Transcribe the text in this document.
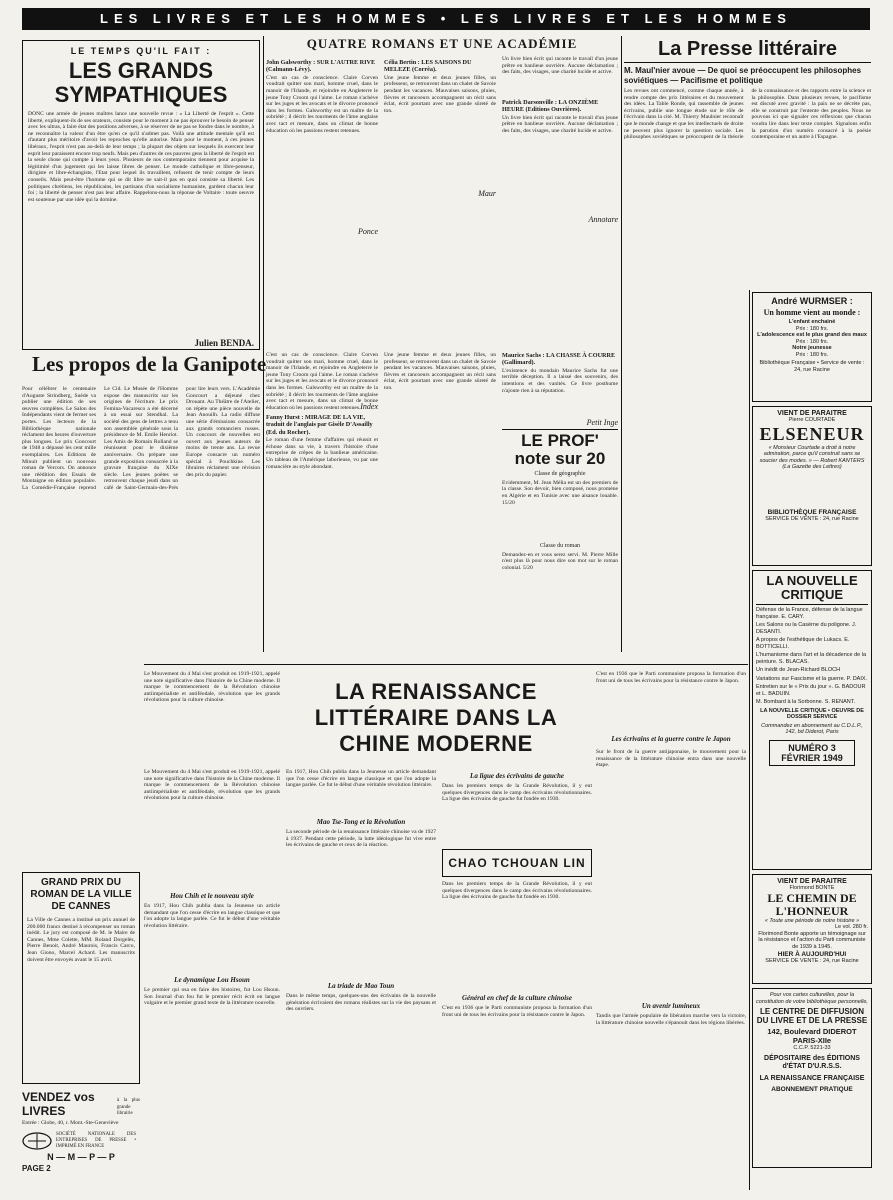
LES LIVRES ET LES HOMMES • LES LIVRES ET LES HOMMES
LE TEMPS QU'IL FAIT :
LES GRANDS SYMPATHIQUES
DONC une armée de jeunes maîtres lance une nouvelle revue : « La Liberté de l'esprit ». Cette liberté, expliquent-ils de ses orateurs, consiste pour le moment à ne pas éprouver le besoin de penser avec les ultras, à faire état des positions adverses, à se réserver de ne pas se fondre dans le nombre, à ne reconnaître la valeur d'un être qu'en ce qu'il n'admet pas. Voilà une attitude mentale qu'il est d'autant plus méritoire d'avoir les reproches qu'elle autorise. Mais pour le moment, à ces jeunes libéraux, l'esprit n'est pas au-delà de leur temps ; la plupart des objets sur lesquels ils exercent leur esprit leur paraissent encore trop neufs. Mais peu d'autres de ces pauvres gens la liberté de l'esprit est la seule chose qui compte à leurs yeux. Plusieurs de nos contemporains tiennent pour acquise la légitimité d'un jugement qui les laisse libres de penser. Le monde catholique et libre-penseur, dirigiste et libre-échangiste, l'Etat pour lequel ils travaillent, refusent de tenir compte de leurs conseils. Mais peut-être l'homme qui se dit libre ne sait-il pas en quoi consiste sa liberté. Les politiques chrétiens, les républicains, les partisans d'un socialisme humaniste, gardent chacun leur foi ; la liberté de penser n'est pas leur affaire. Rappelons-nous la réponse de Voltaire : toute oeuvre est soutenue par une idée qui la domine.
Julien BENDA.
QUATRE ROMANS ET UNE ACADÉMIE
John Galsworthy : SUR L'AUTRE RIVE (Calmann-Lévy).
C'est un cas de conscience. Claire Corven voudrait quitter son mari, homme cruel, dans le manoir de l'Irlande, et rejoindre en Angleterre le jeune Tony Croom qui l'aime. Le roman s'achève sur les juges et les avocats et le divorce prononcé dans les formes. Galsworthy est un maître de la sobriété ; il décrit les tourments de l'âme anglaise avec tact et mesure, dans un climat de bonne éducation où les passions restent retenues.
Ponce
Célia Bertin : LES SAISONS DU MELEZE (Corrêa).
Une jeune femme et deux jeunes filles, un professeur, se retrouvent dans un chalet de Savoie pendant les vacances. Mauvaises saisons, pluies, fièvres et rancoeurs accompagnent un récit sans éclat, écrit pourtant avec une grande sûreté de ton.
Maur
Un livre bien écrit qui raconte le travail d'un jeune prêtre en banlieue ouvrière. Aucune déclamation ; des faits, des visages, une charité lucide et active.
Patrick Darsonville : LA ONZIÈME HEURE (Editions Ouvrières).
Un livre bien écrit qui raconte le travail d'un jeune prêtre en banlieue ouvrière. Aucune déclamation ; des faits, des visages, une charité lucide et active.
Annotare
C'est un cas de conscience. Claire Corven voudrait quitter son mari, homme cruel, dans le manoir de l'Irlande, et rejoindre en Angleterre le jeune Tony Croom qui l'aime. Le roman s'achève sur les juges et les avocats et le divorce prononcé dans les formes. Galsworthy est un maître de la sobriété ; il décrit les tourments de l'âme anglaise avec tact et mesure, dans un climat de bonne éducation où les passions restent retenues. Index
Fanny Hurst : MIRAGE DE LA VIE, traduit de l'anglais par Gisèle D'Assailly (Ed. du Rocher).
Le roman d'une femme d'affaires qui réussit et échoue dans sa vie, à travers l'histoire d'une entreprise de crêpes de la banlieue américaine. Un tableau de l'Amérique laborieuse, vu par une romancière au style abondant.
Une jeune femme et deux jeunes filles, un professeur, se retrouvent dans un chalet de Savoie pendant les vacances. Mauvaises saisons, pluies, fièvres et rancoeurs accompagnent un récit sans éclat, écrit pourtant avec une grande sûreté de ton.
Maurice Sachs : LA CHASSE À COURRE (Gallimard).
L'existence du mondain Maurice Sachs fut une terrible déception. Il a laissé des souvenirs, des intentions et des vanités. Ce livre posthume n'ajoute rien à sa réputation.
Petit Inge
LE PROF' note sur 20
Classe de géographie
Evidemment, M. Jean Mélia est un des premiers de la classe. Son devoir, bien composé, nous promène en Algérie et en Tunisie avec une aisance louable. 15/20
Classe du roman
Demandez-en et vous serez servi. M. Pierre Mille n'est plus là pour nous dire son mot sur le roman colonial. 5/20
La Presse littéraire
M. Maul'nier avoue — De quoi se préoccupent les philosophes soviétiques — Pacifisme et politique
Les revues ont commencé, comme chaque année, à rendre compte des prix littéraires et du mouvement des idées. La Table Ronde, qui rassemble de jeunes écrivains, publie une longue étude sur le rôle de l'écrivain dans la cité. M. Thierry Maulnier reconnaît que le monde change et que les intellectuels de droite ne peuvent plus ignorer la question sociale. Les philosophes soviétiques se préoccupent de la théorie de la connaissance et des rapports entre la science et la philosophie. Dans plusieurs revues, le pacifisme est discuté avec gravité : la paix ne se décrète pas, elle se construit par l'entente des peuples. Nous ne pouvons ici que signaler ces réflexions que chacun voudra lire dans leur texte complet. Signalons enfin la parution d'un numéro consacré à la poésie contemporaine et un autre à l'Espagne.
André WURMSER :
Un homme vient au monde :
L'enfant enchainé
Prix : 180 frs.
L'adolescence est le plus grand des maux
Prix : 180 frs.
Notre jeunesse
Prix : 180 frs.
Bibliothèque Française • Service de vente : 24, rue Racine
VIENT DE PARAITRE
Pierre COURTADE
ELSENEUR
« Monsieur Courtade a droit à notre admiration, parce qu'il construit sans se soucier des modes. » — Robert KANTERS (La Gazette des Lettres)
BIBLIOTHÈQUE FRANÇAISE
SERVICE DE VENTE : 24, rue Racine
LA NOUVELLE CRITIQUE
Défense de la France, défense de la langue française. E. CARY.
Les Salons ou la Casérne du poligone. J. DESANTI.
A propos de l'esthétique de Lukacs. E. BOTTICELLI.
L'humanisme dans l'art et la décadence de la peinture. S. BLACAS.
Un inédit de Jean-Richard BLOCH
Variations sur Fascisme et la guerre. P. DAIX.
Entretien sur le « Prix du jour ». G. BADOUR et L. BADUIN.
M. Bombard à la Sorbonne. S. RENANT.
LA NOUVELLE CRITIQUE • OEUVRE DE DOSSIER SERVICE
Commandez en abonnement au C.D.L.P., 142, bd Diderot, Paris
NUMÉRO 3
FÉVRIER 1949
VIENT DE PARAITRE
Florimond BONTE
LE CHEMIN DE L'HONNEUR
« Toute une période de notre histoire »
Le vol. 280 fr.
Florimond Bonte apporte un témoignage sur la résistance et l'action du Parti communiste de 1939 à 1945.
HIER À AUJOURD'HUI
SERVICE DE VENTE : 24, rue Racine
Pour vos cartes culturelles, pour la constitution de votre bibliothèque personnelle,
LE CENTRE DE DIFFUSION DU LIVRE ET DE LA PRESSE
142, Boulevard DIDEROT PARIS-XIIe
C.C.P. 5221-33
DÉPOSITAIRE des ÉDITIONS d'ÉTAT D'U.R.S.S.
LA RENAISSANCE FRANÇAISE
ABONNEMENT PRATIQUE
Les propos de la Ganipote
Pour célébrer le centenaire d'Auguste Strindberg, Suède va publier une édition de ses œuvres complètes. Le Salon des Indépendants vient de fermer ses portes. Les lecteurs de la Bibliothèque nationale réclament des heures d'ouverture plus longues. Le prix Goncourt de 1948 a dépassé les cent mille exemplaires. Les Editions de Minuit publient un nouveau roman de Vercors. On annonce une réédition des Essais de Montaigne en édition populaire. La Comédie-Française reprend Le Cid. Le Musée de l'Homme expose des manuscrits sur les origines de l'écriture. Le prix Femina-Vacaresco a été décerné à un essai sur Stendhal. La société des gens de lettres a tenu son assemblée générale sous la présidence de M. Emile Henriot. Les Amis de Romain Rolland se réunissent pour le dixième anniversaire. On prépare une grande exposition consacrée à la gravure française du XIXe siècle. Les jeunes poètes se retrouvent chaque jeudi dans un café de Saint-Germain-des-Prés pour lire leurs vers. L'Académie Goncourt a déjeuné chez Drouant. Au Théâtre de l'Atelier, on répète une pièce nouvelle de Jean Anouilh. La radio diffuse une série d'émissions consacrée aux grands romanciers russes. Un concours de nouvelles est ouvert aux jeunes auteurs de moins de trente ans. La revue Europe consacre un numéro spécial à Pouchkine. Les libraires réclament une révision des prix du papier.
GRAND PRIX DU ROMAN DE LA VILLE DE CANNES
La Ville de Cannes a institué un prix annuel de 200.000 francs destiné à récompenser un roman inédit. Le jury est composé de M. le Maire de Cannes, Mme Colette, MM. Roland Dorgelès, Pierre Benoit, André Maurois, Francis Carco, Jean Giono, Marcel Achard. Les manuscrits doivent être envoyés avant le 15 avril.
VENDEZ vos LIVRES
à la plus grande librairie
Entrée : Globe, 40, r. Mont.-Ste-Geneviève
SOCIÉTÉ NATIONALE DES ENTREPRISES DE PRESSE • IMPRIMÉ EN FRANCE
N — M — P — P
PAGE 2
Le Mouvement du 4 Mai s'est produit en 1919-1921, appelé une note significative dans l'histoire de la Chine moderne. Il marque le commencement de la Révolution chinoise antiimpérialiste et antiféodale, révolution que les grands révolutions pour la culture chinoise.	LA RENAISSANCE LITTÉRAIRE DANS LA CHINE MODERNE
C'est en 1936 que le Parti communiste proposa la formation d'un front uni de tous les écrivains pour la résistance contre le Japon.
Les écrivains et la guerre contre le Japon
Le Mouvement du 4 Mai s'est produit en 1919-1921, appelé une note significative dans l'histoire de la Chine moderne. Il marque le commencement de la Révolution chinoise antiimpérialiste et antiféodale, révolution que les grands révolutions pour la culture chinoise.
Hou Chih et le nouveau style
En 1917, Hou Chih publia dans la Jeunesse un article demandant que l'on cesse d'écrire en langue classique et que l'on adopte la langue parlée. Ce fut le début d'une véritable révolution littéraire.
Le dynamique Lou Hsoun
Le premier qui osa en faire des histoires, fut Lou Hsoun. Son Journal d'un fou fut le premier récit écrit en langue vulgaire et le premier grand texte de la littérature nouvelle.
En 1917, Hou Chih publia dans la Jeunesse un article demandant que l'on cesse d'écrire en langue classique et que l'on adopte la langue parlée. Ce fut le début d'une véritable révolution littéraire.
Mao Tse-Tong et la Révolution
La seconde période de la renaissance littéraire chinoise va de 1927 à 1937. Pendant cette période, la lutte idéologique fut vive entre les écrivains de gauche et ceux de la réaction.
La triade de Mao Toun
Dans le même temps, quelques-uns des écrivains de la nouvelle génération écrivaient des romans réalistes sur la vie des paysans et des ouvriers.
La ligue des écrivains de gauche
Dans les premiers temps de la Grande Révolution, il y eut quelques divergences dans le camp des écrivains révolutionnaires. La ligue des écrivains de gauche fut fondée en 1930.
CHAO TCHOUAN LIN
Dans les premiers temps de la Grande Révolution, il y eut quelques divergences dans le camp des écrivains révolutionnaires. La ligue des écrivains de gauche fut fondée en 1930.
Général en chef de la culture chinoise
C'est en 1936 que le Parti communiste proposa la formation d'un front uni de tous les écrivains pour la résistance contre le Japon.
Sur le front de la guerre antijaponaise, le mouvement pour la renaissance de la littérature chinoise entra dans une nouvelle étape.
Un avenir lumineux
Tandis que l'armée populaire de libération marche vers la victoire, la littérature chinoise nouvelle s'épanouit dans les régions libérées.
